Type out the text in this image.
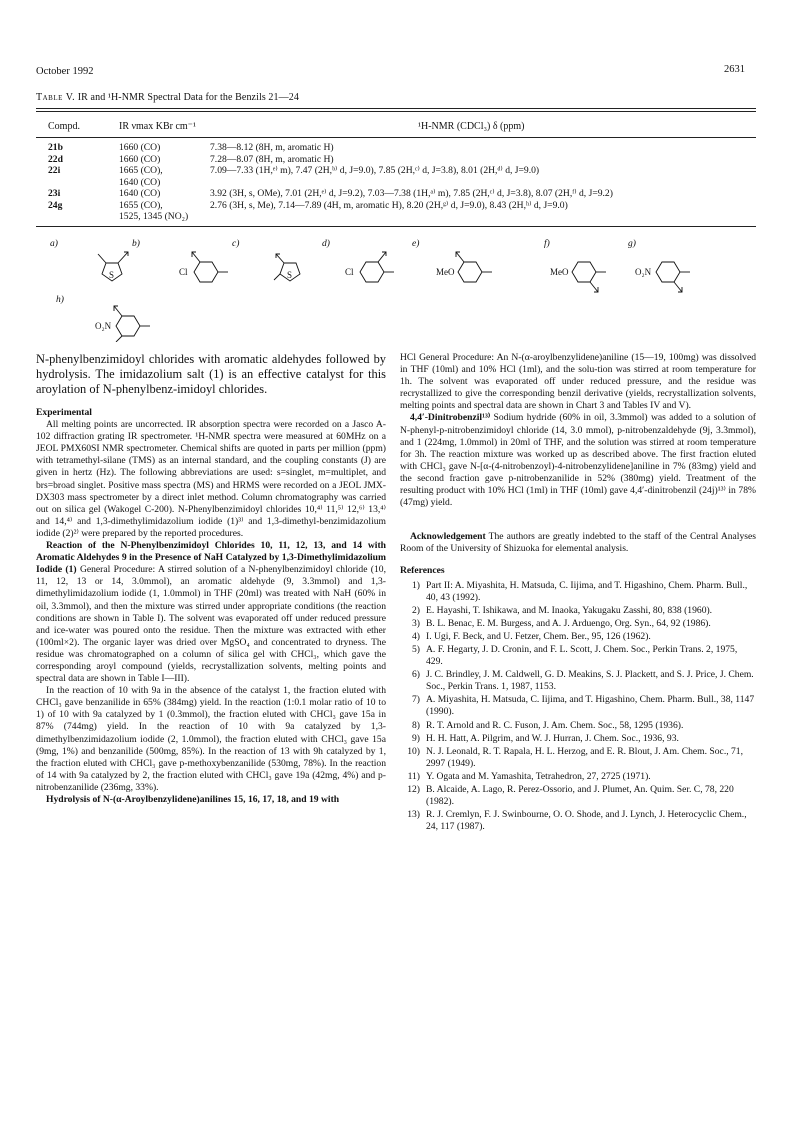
October 1992	2631
Table V. IR and ¹H-NMR Spectral Data for the Benzils 21—24
Compd.	IR νmax KBr cm⁻¹	¹H-NMR (CDCl₃) δ (ppm)
21b	1660 (CO)	7.38—8.12 (8H, m, aromatic H)
22d	1660 (CO)	7.28—8.07 (8H, m, aromatic H)
22i	1665 (CO),	7.09—7.33 (1H,ᵉ⁾ m), 7.47 (2H,ᵇ⁾ d, J=9.0), 7.85 (2H,ᶜ⁾ d, J=3.8), 8.01 (2H,ᵈ⁾ d, J=9.0)
1640 (CO)
23i	1640 (CO)	3.92 (3H, s, OMe), 7.01 (2H,ᵉ⁾ d, J=9.2), 7.03—7.38 (1H,ᵃ⁾ m), 7.85 (2H,ᶜ⁾ d, J=3.8), 8.07 (2H,ᶠ⁾ d, J=9.2)
24g	1655 (CO),	2.76 (3H, s, Me), 7.14—7.89 (4H, m, aromatic H), 8.20 (2H,ᵍ⁾ d, J=9.0), 8.43 (2H,ʰ⁾ d, J=9.0)
1525, 1345 (NO₂)
a)	b)	c)	d)	e)	f)	g)
h)
S	Cl	S	Cl	MeO	MeO	O₂N
O₂N

N-phenylbenzimidoyl chlorides with aromatic aldehydes followed by hydrolysis. The imidazolium salt (1) is an effective catalyst for this aroylation of N-phenylbenz-imidoyl chlorides.

Experimental

All melting points are uncorrected. IR absorption spectra were recorded on a Jasco A-102 diffraction grating IR spectrometer. ¹H-NMR spectra were measured at 60MHz on a JEOL PMX60SI NMR spectrometer. Chemical shifts are quoted in parts per million (ppm) with tetramethyl-silane (TMS) as an internal standard, and the coupling constants (J) are given in hertz (Hz). The following abbreviations are used: s=singlet, m=multiplet, and brs=broad singlet. Positive mass spectra (MS) and HRMS were recorded on a JEOL JMX-DX303 mass spectrometer by a direct inlet method. Column chromatography was carried out on silica gel (Wakogel C-200). N-Phenylbenzimidoyl chlorides 10,⁴⁾ 11,⁵⁾ 12,⁶⁾ 13,⁴⁾ and 14,⁴⁾ and 1,3-dimethylimidazolium iodide (1)³⁾ and 1,3-dimethyl-benzimidazolium iodide (2)²⁾ were prepared by the reported procedures.

Reaction of the N-Phenylbenzimidoyl Chlorides 10, 11, 12, 13, and 14 with Aromatic Aldehydes 9 in the Presence of NaH Catalyzed by 1,3-Dimethylimidazolium Iodide (1) General Procedure: A stirred solution of a N-phenylbenzimidoyl chloride (10, 11, 12, 13 or 14, 3.0mmol), an aromatic aldehyde (9, 3.3mmol) and 1,3-dimethylimidazolium iodide (1, 1.0mmol) in THF (20ml) was treated with NaH (60% in oil, 3.3mmol), and then the mixture was stirred under appropriate conditions (the reaction conditions are shown in Table I). The solvent was evaporated off under reduced pressure and ice-water was poured onto the residue. Then the mixture was extracted with ether (100ml×2). The organic layer was dried over MgSO₄ and concentrated to dryness. The residue was chromatographed on a column of silica gel with CHCl₃, which gave the corresponding aroyl compound (yields, recrystallization solvents, melting points and spectral data are shown in Table I—III).

In the reaction of 10 with 9a in the absence of the catalyst 1, the fraction eluted with CHCl₃ gave benzanilide in 65% (384mg) yield. In the reaction (1:0.1 molar ratio of 10 to 1) of 10 with 9a catalyzed by 1 (0.3mmol), the fraction eluted with CHCl₃ gave 15a in 87% (744mg) yield. In the reaction of 10 with 9a catalyzed by 1,3-dimethylbenzimidazolium iodide (2, 1.0mmol), the fraction eluted with CHCl₃ gave 15a (9mg, 1%) and benzanilide (500mg, 85%). In the reaction of 13 with 9h catalyzed by 1, the fraction eluted with CHCl₃ gave p-methoxybenzanilide (530mg, 78%). In the reaction of 14 with 9a catalyzed by 2, the fraction eluted with CHCl₃ gave 19a (42mg, 4%) and p-nitrobenzanilide (236mg, 33%).

Hydrolysis of N-(α-Aroylbenzylidene)anilines 15, 16, 17, 18, and 19 with

HCl General Procedure: An N-(α-aroylbenzylidene)aniline (15—19, 100mg) was dissolved in THF (10ml) and 10% HCl (1ml), and the solu-tion was stirred at room temperature for 1h. The solvent was evaporated off under reduced pressure, and the residue was recrystallized to give the corresponding benzil derivative (yields, recrystallization solvents, melting points and spectral data are shown in Chart 3 and Tables IV and V).

4,4′-Dinitrobenzil¹³⁾ Sodium hydride (60% in oil, 3.3mmol) was added to a solution of N-phenyl-p-nitrobenzimidoyl chloride (14, 3.0 mmol), p-nitrobenzaldehyde (9j, 3.3mmol), and 1 (224mg, 1.0mmol) in 20ml of THF, and the solution was stirred at room temperature for 3h. The reaction mixture was worked up as described above. The first fraction eluted with CHCl₃ gave N-[α-(4-nitrobenzoyl)-4-nitrobenzylidene]aniline in 7% (83mg) yield and the second fraction gave p-nitrobenzanilide in 52% (380mg) yield. Treatment of the resulting product with 10% HCl (1ml) in THF (10ml) gave 4,4′-dinitrobenzil (24j)¹³⁾ in 78% (47mg) yield.

Acknowledgement The authors are greatly indebted to the staff of the Central Analyses Room of the University of Shizuoka for elemental analysis.

References

1) Part II: A. Miyashita, H. Matsuda, C. Iijima, and T. Higashino, Chem. Pharm. Bull., 40, 43 (1992).
2) E. Hayashi, T. Ishikawa, and M. Inaoka, Yakugaku Zasshi, 80, 838 (1960).
3) B. L. Benac, E. M. Burgess, and A. J. Arduengo, Org. Syn., 64, 92 (1986).
4) I. Ugi, F. Beck, and U. Fetzer, Chem. Ber., 95, 126 (1962).
5) A. F. Hegarty, J. D. Cronin, and F. L. Scott, J. Chem. Soc., Perkin Trans. 2, 1975, 429.
6) J. C. Brindley, J. M. Caldwell, G. D. Meakins, S. J. Plackett, and S. J. Price, J. Chem. Soc., Perkin Trans. 1, 1987, 1153.
7) A. Miyashita, H. Matsuda, C. Iijima, and T. Higashino, Chem. Pharm. Bull., 38, 1147 (1990).
8) R. T. Arnold and R. C. Fuson, J. Am. Chem. Soc., 58, 1295 (1936).
9) H. H. Hatt, A. Pilgrim, and W. J. Hurran, J. Chem. Soc., 1936, 93.
10) N. J. Leonald, R. T. Rapala, H. L. Herzog, and E. R. Blout, J. Am. Chem. Soc., 71, 2997 (1949).
11) Y. Ogata and M. Yamashita, Tetrahedron, 27, 2725 (1971).
12) B. Alcaide, A. Lago, R. Perez-Ossorio, and J. Plumet, An. Quim. Ser. C, 78, 220 (1982).
13) R. J. Cremlyn, F. J. Swinbourne, O. O. Shode, and J. Lynch, J. Heterocyclic Chem., 24, 117 (1987).
